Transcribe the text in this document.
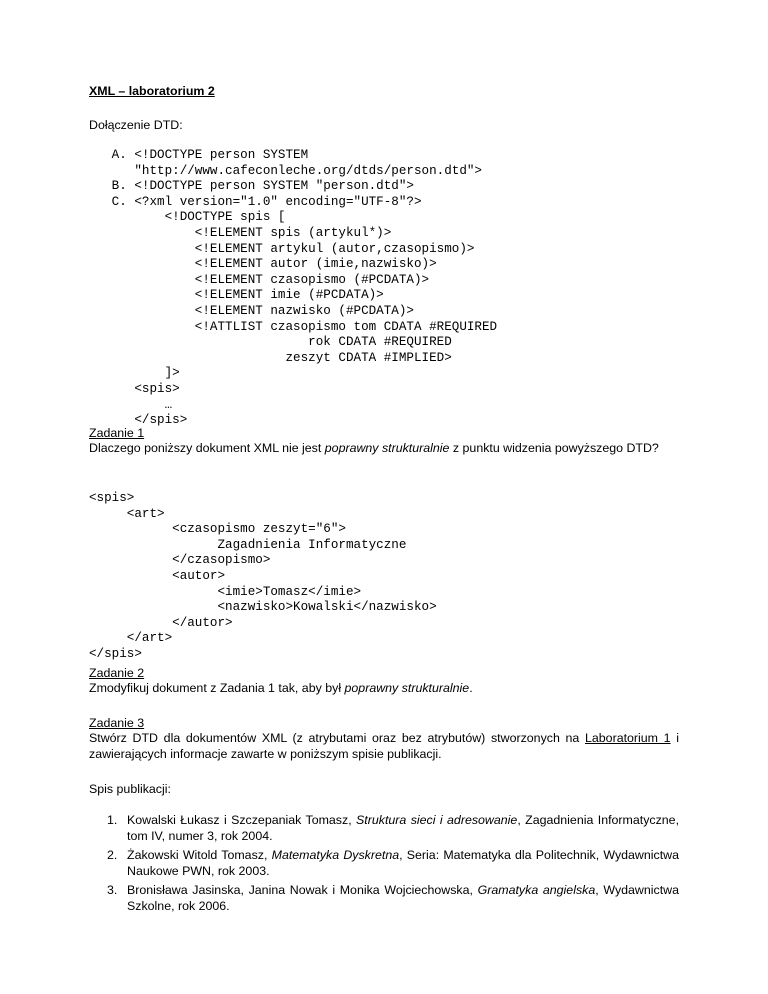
XML – laboratorium 2
Dołączenie DTD:
A. <!DOCTYPE person SYSTEM
"http://www.cafeconleche.org/dtds/person.dtd">
B. <!DOCTYPE person SYSTEM "person.dtd">
C. <?xml version="1.0" encoding="UTF-8"?>
<!DOCTYPE spis [
<!ELEMENT spis (artykul*)>
<!ELEMENT artykul (autor,czasopismo)>
<!ELEMENT autor (imie,nazwisko)>
<!ELEMENT czasopismo (#PCDATA)>
<!ELEMENT imie (#PCDATA)>
<!ELEMENT nazwisko (#PCDATA)>
<!ATTLIST czasopismo tom CDATA #REQUIRED
rok CDATA #REQUIRED
zeszyt CDATA #IMPLIED>
]>
<spis>
…
</spis>
Zadanie 1
Dlaczego poniższy dokument XML nie jest poprawny strukturalnie z punktu widzenia powyższego DTD?
<spis>
<art>
<czasopismo zeszyt="6">
Zagadnienia Informatyczne
</czasopismo>
<autor>
<imie>Tomasz</imie>
<nazwisko>Kowalski</nazwisko>
</autor>
</art>
</spis>
Zadanie 2
Zmodyfikuj dokument z Zadania 1 tak, aby był poprawny strukturalnie.
Zadanie 3
Stwórz DTD dla dokumentów XML (z atrybutami oraz bez atrybutów) stworzonych na Laboratorium 1 i zawierających informacje zawarte w poniższym spisie publikacji.
Spis publikacji:
1. Kowalski Łukasz i Szczepaniak Tomasz, Struktura sieci i adresowanie, Zagadnienia Informatyczne, tom IV, numer 3, rok 2004.
2. Żakowski Witold Tomasz, Matematyka Dyskretna, Seria: Matematyka dla Politechnik, Wydawnictwa Naukowe PWN, rok 2003.
3. Bronisława Jasinska, Janina Nowak i Monika Wojciechowska, Gramatyka angielska, Wydawnictwa Szkolne, rok 2006.
